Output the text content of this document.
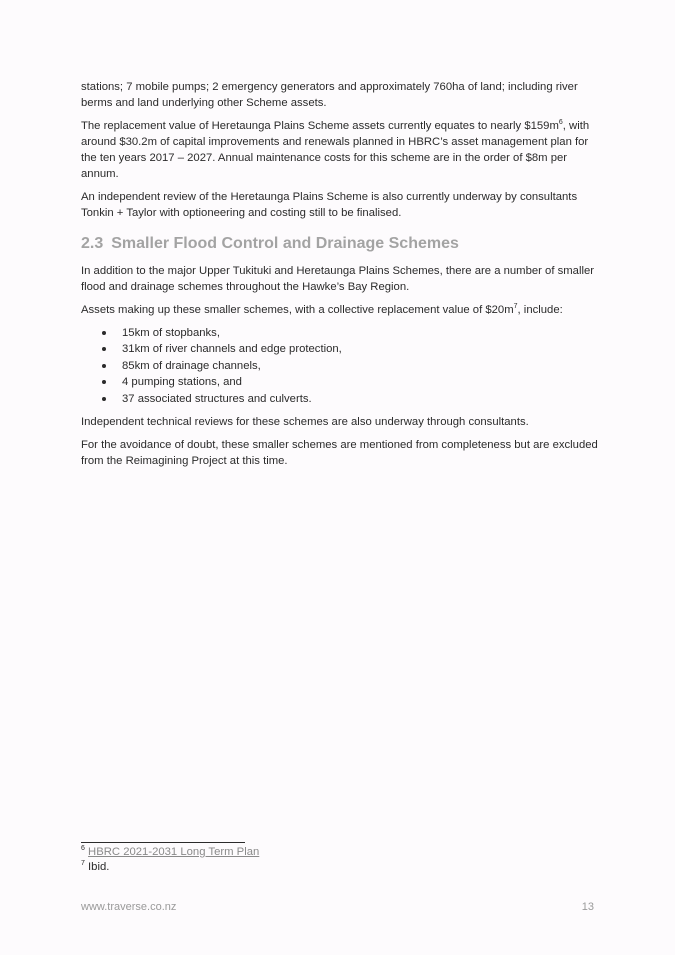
stations; 7 mobile pumps; 2 emergency generators and approximately 760ha of land; including river berms and land underlying other Scheme assets.

The replacement value of Heretaunga Plains Scheme assets currently equates to nearly $\$159m^6$, with around $30.2m of capital improvements and renewals planned in HBRC’s asset management plan for the ten years 2017 – 2027. Annual maintenance costs for this scheme are in the order of $8m per annum.

An independent review of the Heretaunga Plains Scheme is also currently underway by consultants Tonkin + Taylor with optioneering and costing still to be finalised.

2.3 Smaller Flood Control and Drainage Schemes

In addition to the major Upper Tukituki and Heretaunga Plains Schemes, there are a number of smaller flood and drainage schemes throughout the Hawke’s Bay Region.

Assets making up these smaller schemes, with a collective replacement value of $\$20m^7$, include:

15km of stopbanks,
31km of river channels and edge protection,
85km of drainage channels,
4 pumping stations, and
37 associated structures and culverts.

Independent technical reviews for these schemes are also underway through consultants.

For the avoidance of doubt, these smaller schemes are mentioned from completeness but are excluded from the Reimagining Project at this time.

$^6$ HBRC 2021-2031 Long Term Plan
$^7$ Ibid.
www.traverse.co.nz	13
